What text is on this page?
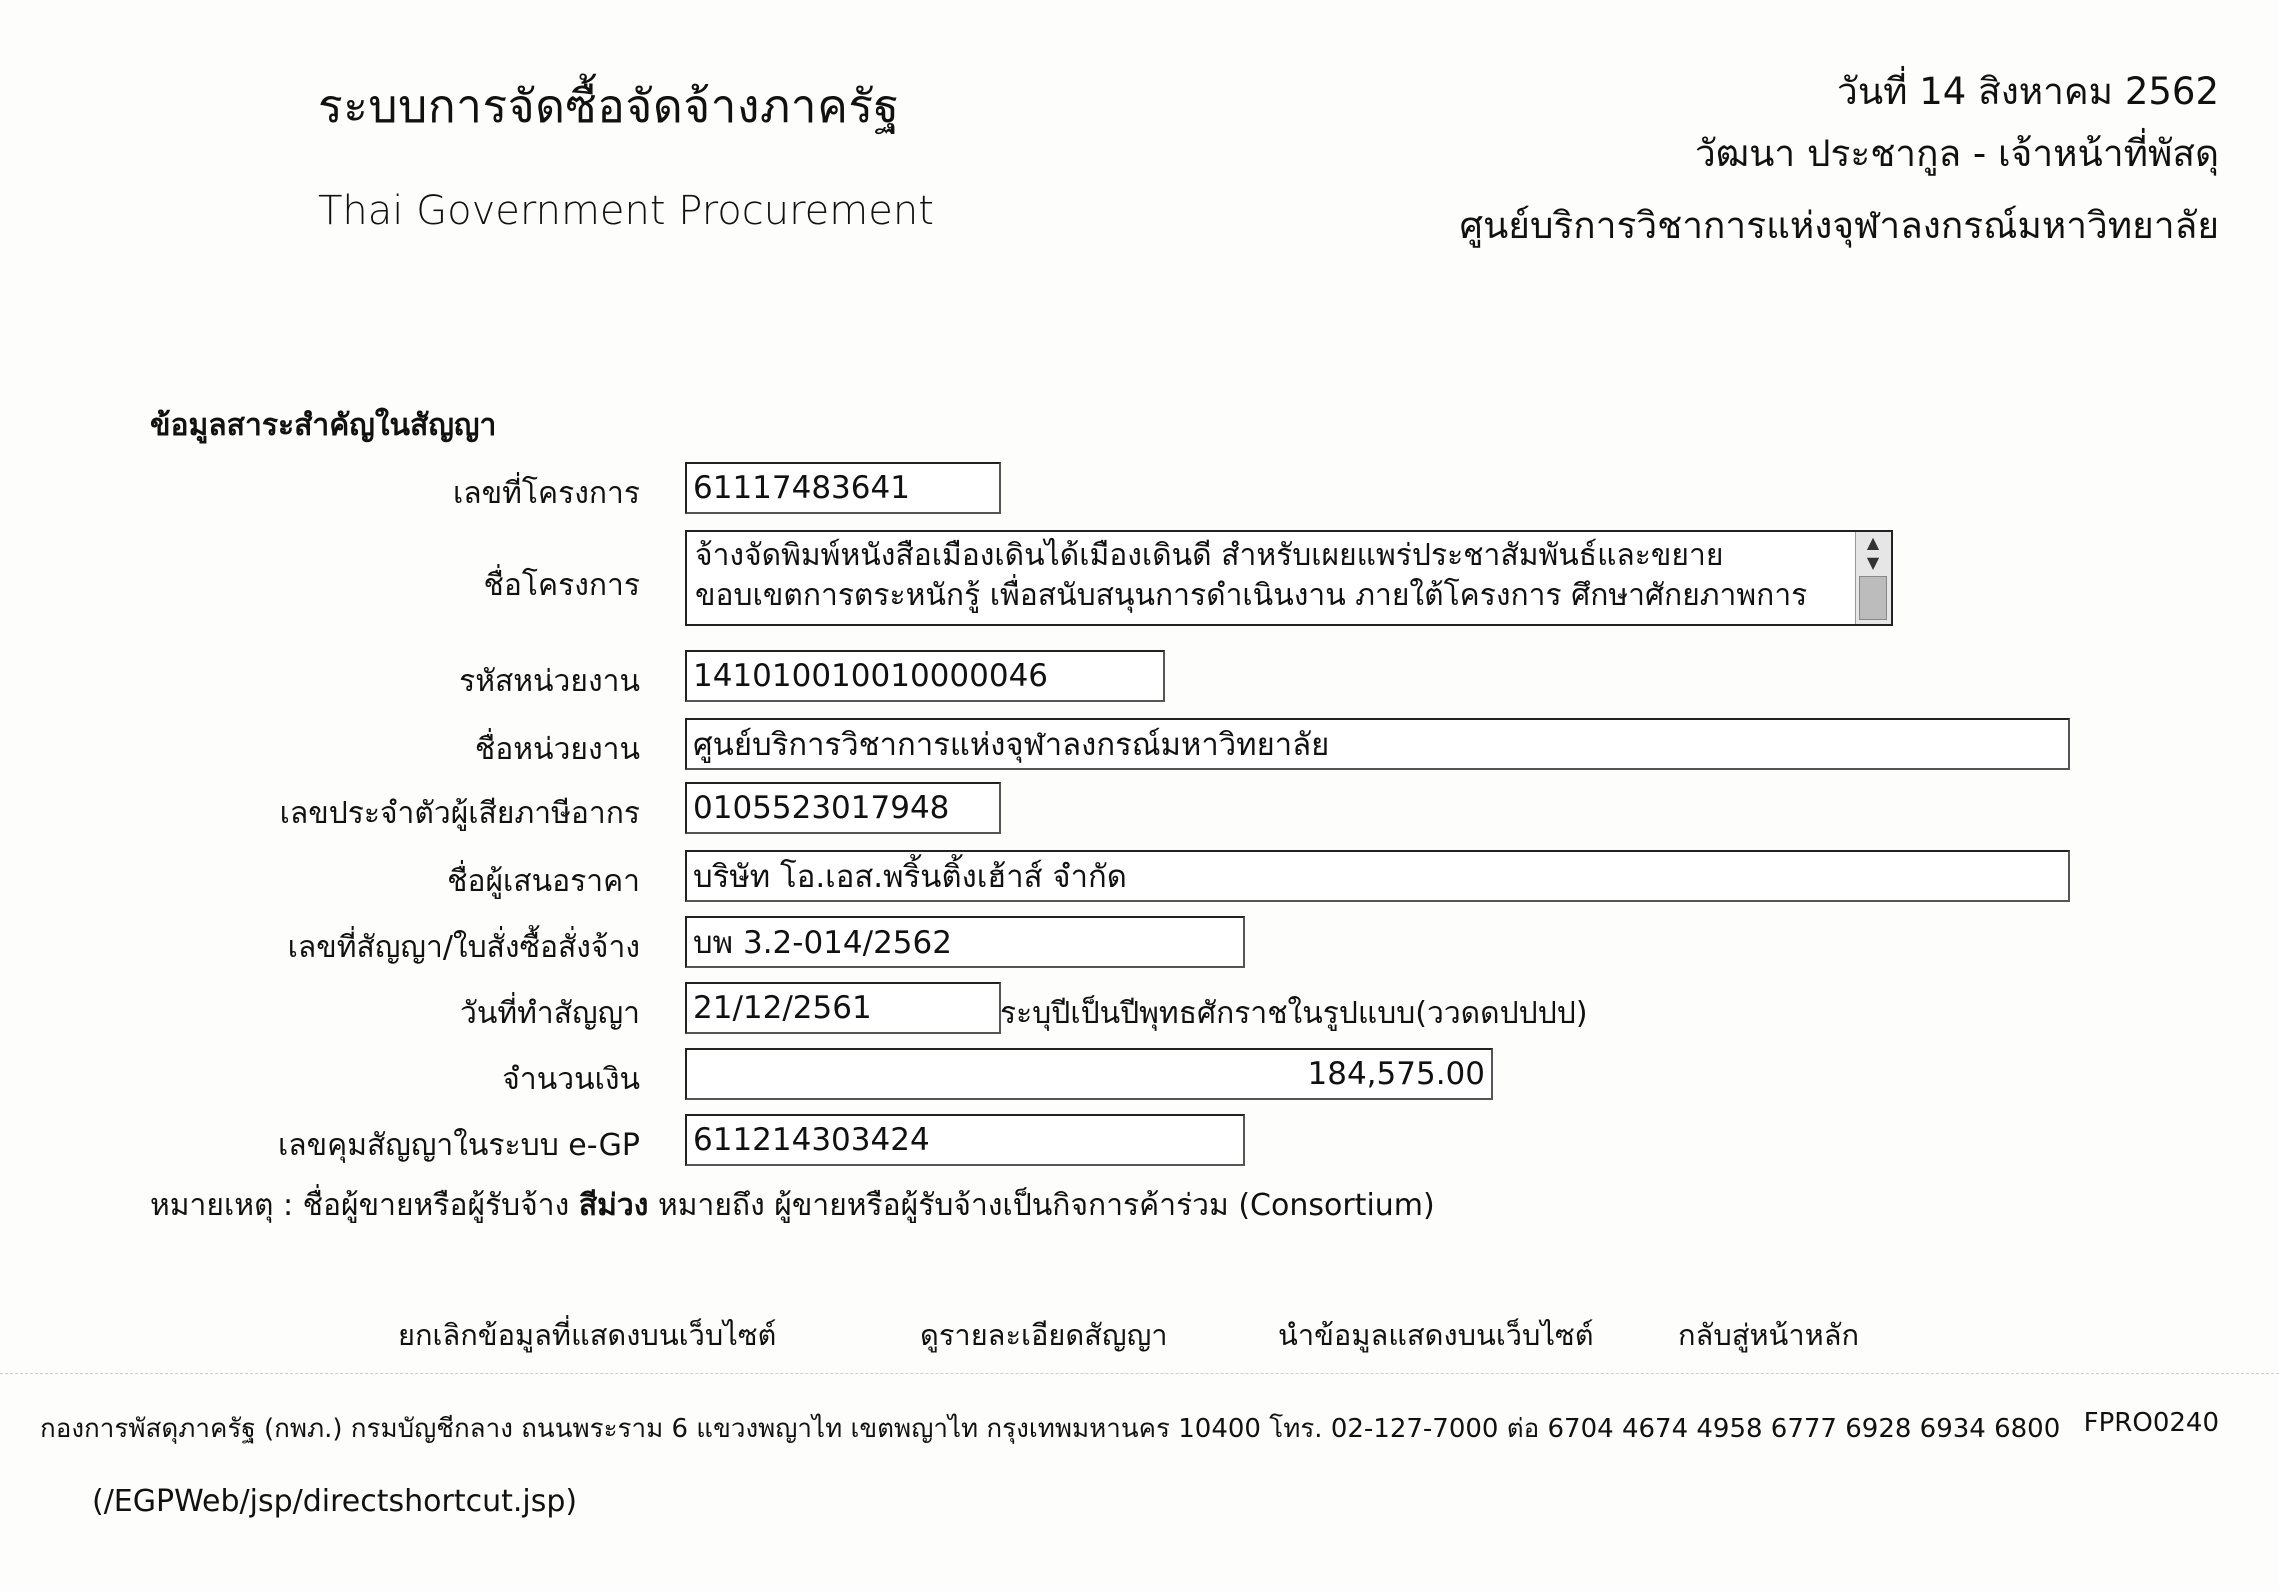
ระบบการจัดซื้อจัดจ้างภาครัฐ
Thai Government Procurement
วันที่ 14 สิงหาคม 2562
วัฒนา ประชากูล - เจ้าหน้าที่พัสดุ
ศูนย์บริการวิชาการแห่งจุฬาลงกรณ์มหาวิทยาลัย
ข้อมูลสาระสำคัญในสัญญา
เลขที่โครงการ 61117483641
ชื่อโครงการ
จ้างจัดพิมพ์หนังสือเมืองเดินได้เมืองเดินดี สำหรับเผยแพร่ประชาสัมพันธ์และขยาย
ขอบเขตการตระหนักรู้ เพื่อสนับสนุนการดำเนินงาน ภายใต้โครงการ ศึกษาศักยภาพการ
▲
▼
รหัสหน่วยงาน 141010010010000046
ชื่อหน่วยงาน ศูนย์บริการวิชาการแห่งจุฬาลงกรณ์มหาวิทยาลัย
เลขประจำตัวผู้เสียภาษีอากร 0105523017948
ชื่อผู้เสนอราคา บริษัท โอ.เอส.พริ้นติ้งเฮ้าส์ จำกัด
เลขที่สัญญา/ใบสั่งซื้อสั่งจ้าง บพ 3.2-014/2562
วันที่ทำสัญญา 21/12/2561	ระบุปีเป็นปีพุทธศักราชในรูปแบบ(ววดดปปปป)
จำนวนเงิน	184,575.00
เลขคุมสัญญาในระบบ e-GP 611214303424
หมายเหตุ : ชื่อผู้ขายหรือผู้รับจ้าง สีม่วง หมายถึง ผู้ขายหรือผู้รับจ้างเป็นกิจการค้าร่วม (Consortium)
ยกเลิกข้อมูลที่แสดงบนเว็บไซต์	ดูรายละเอียดสัญญา	นำข้อมูลแสดงบนเว็บไซต์	กลับสู่หน้าหลัก
กองการพัสดุภาครัฐ (กพภ.) กรมบัญชีกลาง ถนนพระราม 6 แขวงพญาไท เขตพญาไท กรุงเทพมหานคร 10400 โทร. 02-127-7000 ต่อ 6704 4674 4958 6777 6928 6934 6800 FPRO0240
(/EGPWeb/jsp/directshortcut.jsp)
